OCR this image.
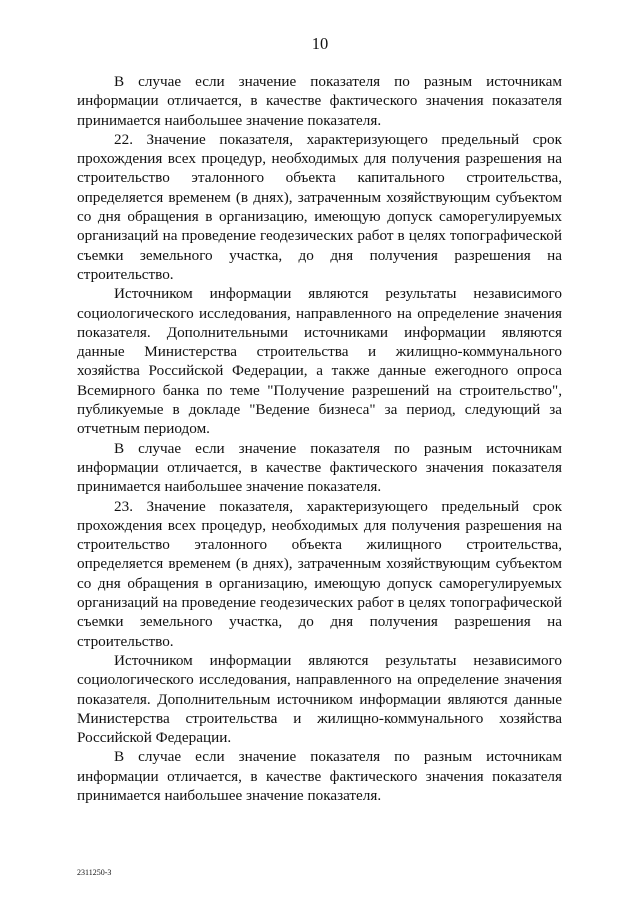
10

В случае если значение показателя по разным источникам информации отличается, в качестве фактического значения показателя принимается наибольшее значение показателя.

22. Значение показателя, характеризующего предельный срок прохождения всех процедур, необходимых для получения разрешения на строительство эталонного объекта капитального строительства, определяется временем (в днях), затраченным хозяйствующим субъектом со дня обращения в организацию, имеющую допуск саморегулируемых организаций на проведение геодезических работ в целях топографической съемки земельного участка, до дня получения разрешения на строительство.

Источником информации являются результаты независимого социологического исследования, направленного на определение значения показателя. Дополнительными источниками информации являются данные Министерства строительства и жилищно-коммунального хозяйства Российской Федерации, а также данные ежегодного опроса Всемирного банка по теме "Получение разрешений на строительство", публикуемые в докладе "Ведение бизнеса" за период, следующий за отчетным периодом.

В случае если значение показателя по разным источникам информации отличается, в качестве фактического значения показателя принимается наибольшее значение показателя.

23. Значение показателя, характеризующего предельный срок прохождения всех процедур, необходимых для получения разрешения на строительство эталонного объекта жилищного строительства, определяется временем (в днях), затраченным хозяйствующим субъектом со дня обращения в организацию, имеющую допуск саморегулируемых организаций на проведение геодезических работ в целях топографической съемки земельного участка, до дня получения разрешения на строительство.

Источником информации являются результаты независимого социологического исследования, направленного на определение значения показателя. Дополнительным источником информации являются данные Министерства строительства и жилищно-коммунального хозяйства Российской Федерации.

В случае если значение показателя по разным источникам информации отличается, в качестве фактического значения показателя принимается наибольшее значение показателя.

2311250-3
